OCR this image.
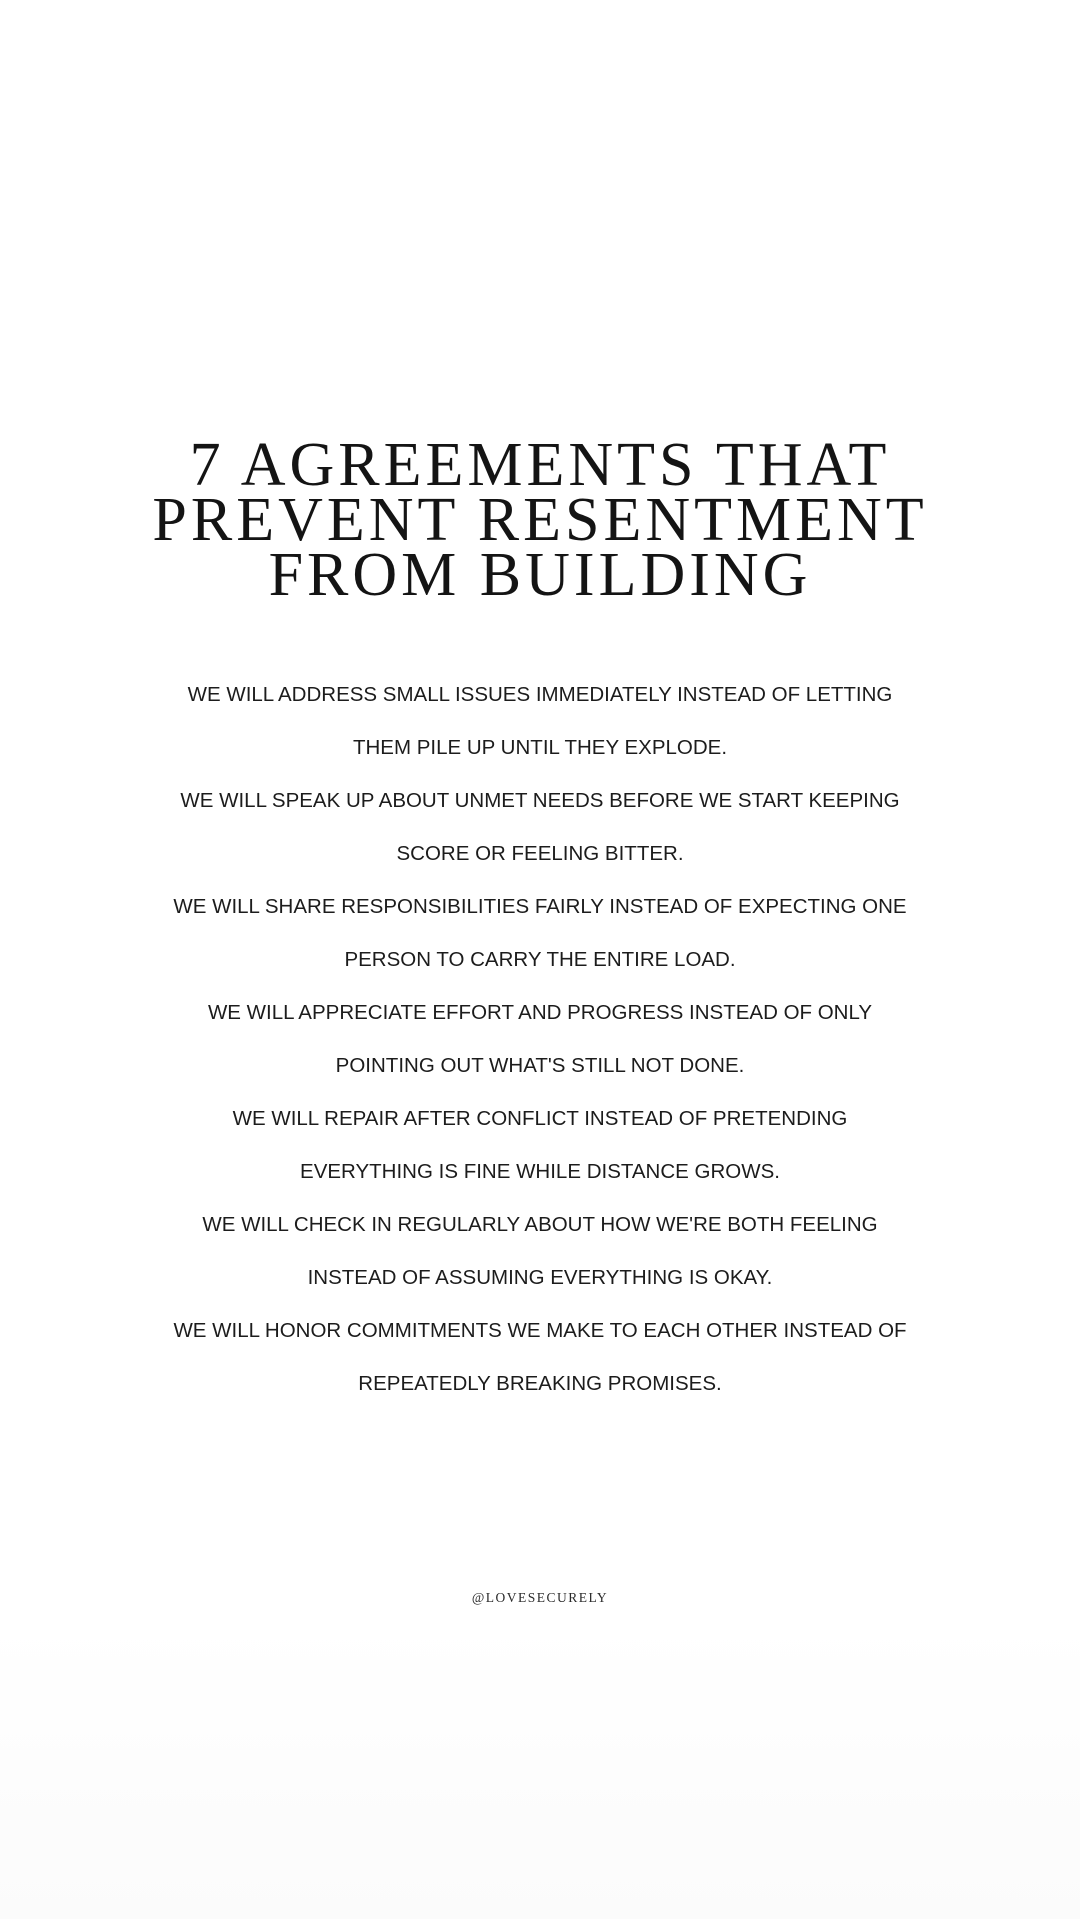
7 AGREEMENTS THAT
PREVENT RESENTMENT
FROM BUILDING
WE WILL ADDRESS SMALL ISSUES IMMEDIATELY INSTEAD OF LETTING
THEM PILE UP UNTIL THEY EXPLODE.
WE WILL SPEAK UP ABOUT UNMET NEEDS BEFORE WE START KEEPING
SCORE OR FEELING BITTER.
WE WILL SHARE RESPONSIBILITIES FAIRLY INSTEAD OF EXPECTING ONE
PERSON TO CARRY THE ENTIRE LOAD.
WE WILL APPRECIATE EFFORT AND PROGRESS INSTEAD OF ONLY
POINTING OUT WHAT'S STILL NOT DONE.
WE WILL REPAIR AFTER CONFLICT INSTEAD OF PRETENDING
EVERYTHING IS FINE WHILE DISTANCE GROWS.
WE WILL CHECK IN REGULARLY ABOUT HOW WE'RE BOTH FEELING
INSTEAD OF ASSUMING EVERYTHING IS OKAY.
WE WILL HONOR COMMITMENTS WE MAKE TO EACH OTHER INSTEAD OF
REPEATEDLY BREAKING PROMISES.
@LOVESECURELY
